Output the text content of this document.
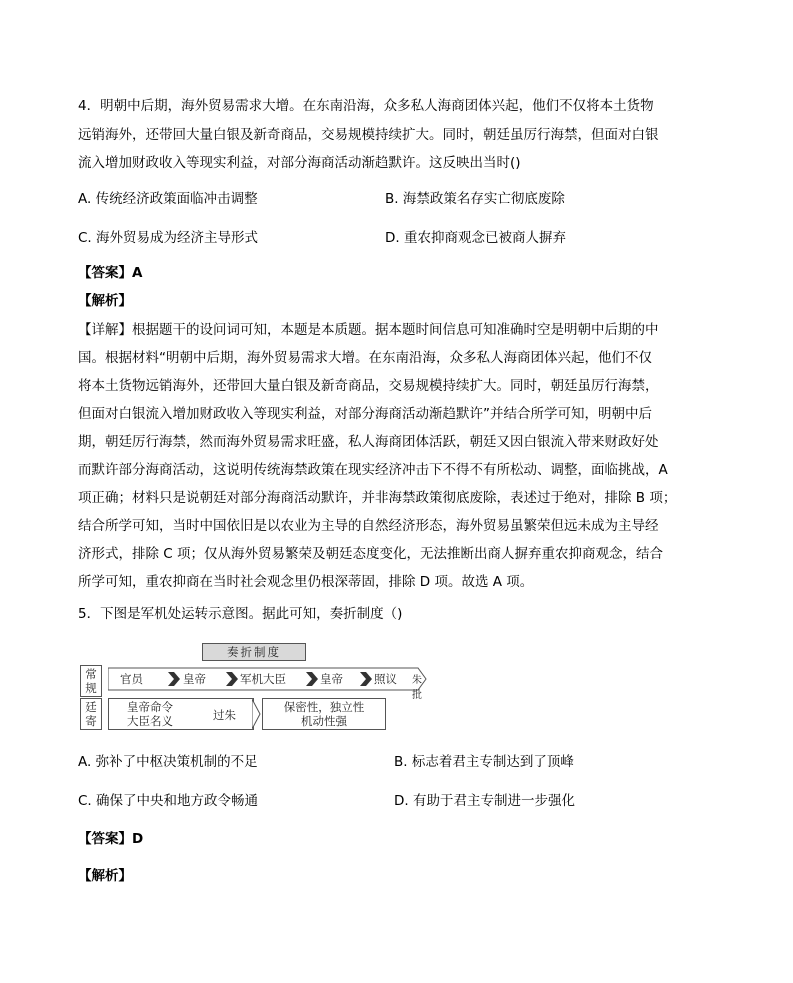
4．明朝中后期，海外贸易需求大增。在东南沿海，众多私人海商团体兴起，他们不仅将本土货物
远销海外，还带回大量白银及新奇商品，交易规模持续扩大。同时，朝廷虽厉行海禁，但面对白银
流入增加财政收入等现实利益，对部分海商活动渐趋默许。这反映出当时()
A. 传统经济政策面临冲击调整	B. 海禁政策名存实亡彻底废除
C. 海外贸易成为经济主导形式	D. 重农抑商观念已被商人摒弃
【答案】A
【解析】
【详解】根据题干的设问词可知，本题是本质题。据本题时间信息可知准确时空是明朝中后期的中
国。根据材料“明朝中后期，海外贸易需求大增。在东南沿海，众多私人海商团体兴起，他们不仅
将本土货物远销海外，还带回大量白银及新奇商品，交易规模持续扩大。同时，朝廷虽厉行海禁，
但面对白银流入增加财政收入等现实利益，对部分海商活动渐趋默许”并结合所学可知，明朝中后
期，朝廷厉行海禁，然而海外贸易需求旺盛，私人海商团体活跃，朝廷又因白银流入带来财政好处
而默许部分海商活动，这说明传统海禁政策在现实经济冲击下不得不有所松动、调整，面临挑战，A
项正确；材料只是说朝廷对部分海商活动默许，并非海禁政策彻底废除，表述过于绝对，排除 B 项；
结合所学可知，当时中国依旧是以农业为主导的自然经济形态，海外贸易虽繁荣但远未成为主导经
济形式，排除 C 项；仅从海外贸易繁荣及朝廷态度变化，无法推断出商人摒弃重农抑商观念，结合
所学可知，重农抑商在当时社会观念里仍根深蒂固，排除 D 项。故选 A 项。
5．下图是军机处运转示意图。据此可知，奏折制度（)
奏折制度
常规
廷寄
官员	皇帝	军机大臣	皇帝	照议 朱批
皇帝命令
大臣名义	过朱
保密性，独立性
机动性强
A. 弥补了中枢决策机制的不足	B. 标志着君主专制达到了顶峰
C. 确保了中央和地方政令畅通	D. 有助于君主专制进一步强化
【答案】D
【解析】
